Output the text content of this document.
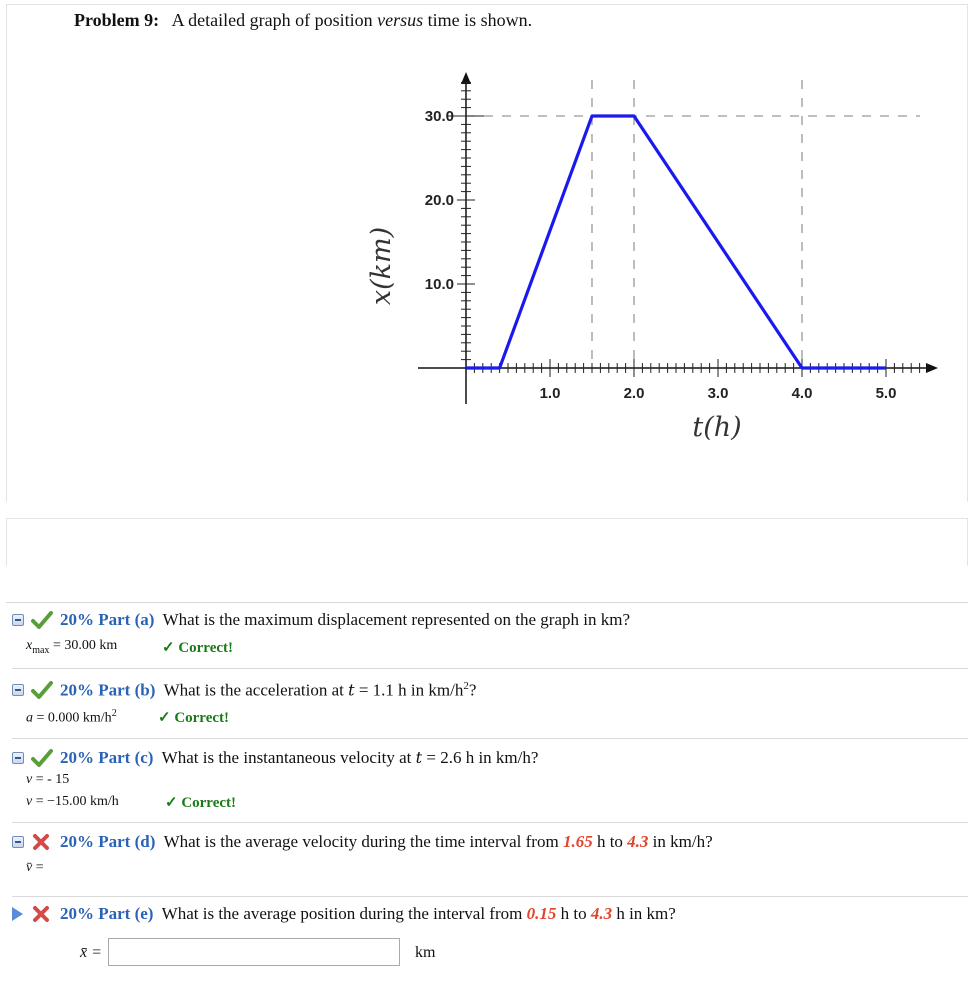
Problem 9: A detailed graph of position versus time is shown.
1.0	2.0	3.0	4.0	5.0
10.0
20.0
30.0
x(km)
t(h)
20% Part (a) What is the maximum displacement represented on the graph in km?
$x_{max} = 30.00$ km	✓ Correct!
20% Part (b) What is the acceleration at t = 1.1 h in $km/h^2$?
a = 0.000 $km/h^2$	✓ Correct!
20% Part (c) What is the instantaneous velocity at t = 2.6 h in km/h?
v = - 15
v = −15.00 km/h	✓ Correct!
20% Part (d) What is the average velocity during the time interval from 1.65 h to 4.3 in km/h?
v̄ =
20% Part (e) What is the average position during the interval from 0.15 h to 4.3 h in km?
x̄ =	km
